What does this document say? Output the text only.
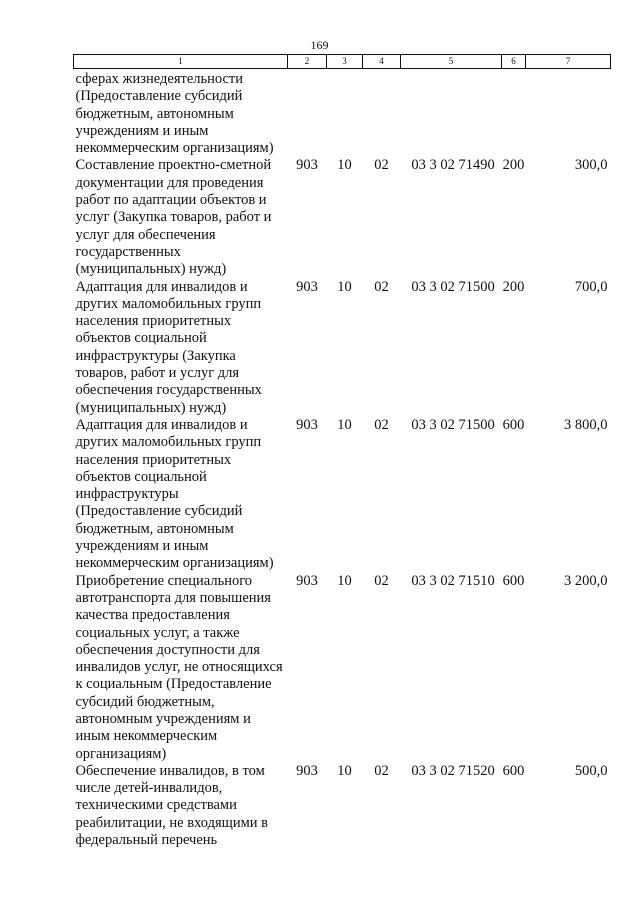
169
1	2	3	4	5	6	7
сферах жизнедеятельности (Предоставление субсидий бюджетным, автономным учреждениям и иным некоммерческим организациям)						
Составление проектно-сметной документации для проведения работ по адаптации объектов и услуг (Закупка товаров, работ и услуг для обеспечения государственных (муниципальных) нужд)	903	10	02	03 3 02 71490	200	300,0
Адаптация для инвалидов и других маломобильных групп населения приоритетных объектов социальной инфраструктуры (Закупка товаров, работ и услуг для обеспечения государственных (муниципальных) нужд)	903	10	02	03 3 02 71500	200	700,0
Адаптация для инвалидов и других маломобильных групп населения приоритетных объектов социальной инфраструктуры (Предоставление субсидий бюджетным, автономным учреждениям и иным некоммерческим организациям)	903	10	02	03 3 02 71500	600	3 800,0
Приобретение специального автотранспорта для повышения качества предоставления социальных услуг, а также обеспечения доступности для инвалидов услуг, не относящихся к социальным (Предоставление субсидий бюджетным, автономным учреждениям и иным некоммерческим организациям)	903	10	02	03 3 02 71510	600	3 200,0
Обеспечение инвалидов, в том числе детей-инвалидов, техническими средствами реабилитации, не входящими в федеральный перечень	903	10	02	03 3 02 71520	600	500,0
